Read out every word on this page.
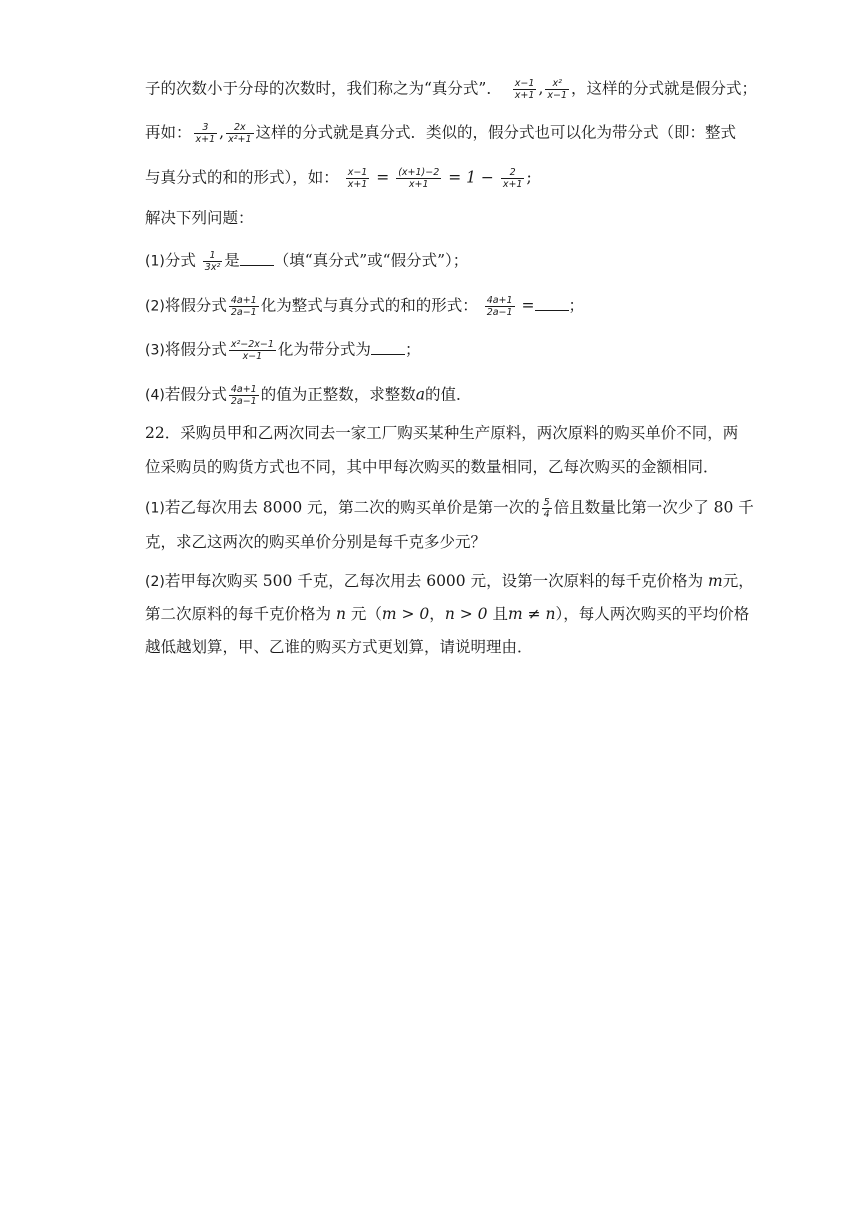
子的次数小于分母的次数时，我们称之为“真分式”． $\frac{x-1}{x+1}$ , $\frac{\text{x²}}{x-1}$ ，这样的分式就是假分式；
再如： $\frac{3}{x+1}$ , $\frac{2x}{\text{x²+1}}$ 这样的分式就是真分式．类似的，假分式也可以化为带分式（即：整式
与真分式的和的形式），如： $\frac{x-1}{x+1} = \frac{(x+1)-2}{x+1} = 1 - \frac{2}{x+1}$ ;
解决下列问题：
(1)分式 $\frac{1}{\text{3x²}}$ 是 （填“真分式”或“假分式”）；
(2)将假分式 $\frac{4a+1}{2a-1}$ 化为整式与真分式的和的形式： $\frac{4a+1}{2a-1}$ = ；
(3)将假分式 $\frac{\text{x²−2x−1}}{x-1}$ 化为带分式为 ；
(4)若假分式 $\frac{4a+1}{2a-1}$ 的值为正整数，求整数a的值．
22．采购员甲和乙两次同去一家工厂购买某种生产原料，两次原料的购买单价不同，两
位采购员的购货方式也不同，其中甲每次购买的数量相同，乙每次购买的金额相同．
(1)若乙每次用去 8000 元，第二次的购买单价是第一次的 $\frac{5}{4}$ 倍且数量比第一次少了 80 千
克，求乙这两次的购买单价分别是每千克多少元？
(2)若甲每次购买 500 千克，乙每次用去 6000 元，设第一次原料的每千克价格为 m元，
第二次原料的每千克价格为 n 元（m > 0，n > 0 且m ≠ n），每人两次购买的平均价格
越低越划算，甲、乙谁的购买方式更划算，请说明理由．
